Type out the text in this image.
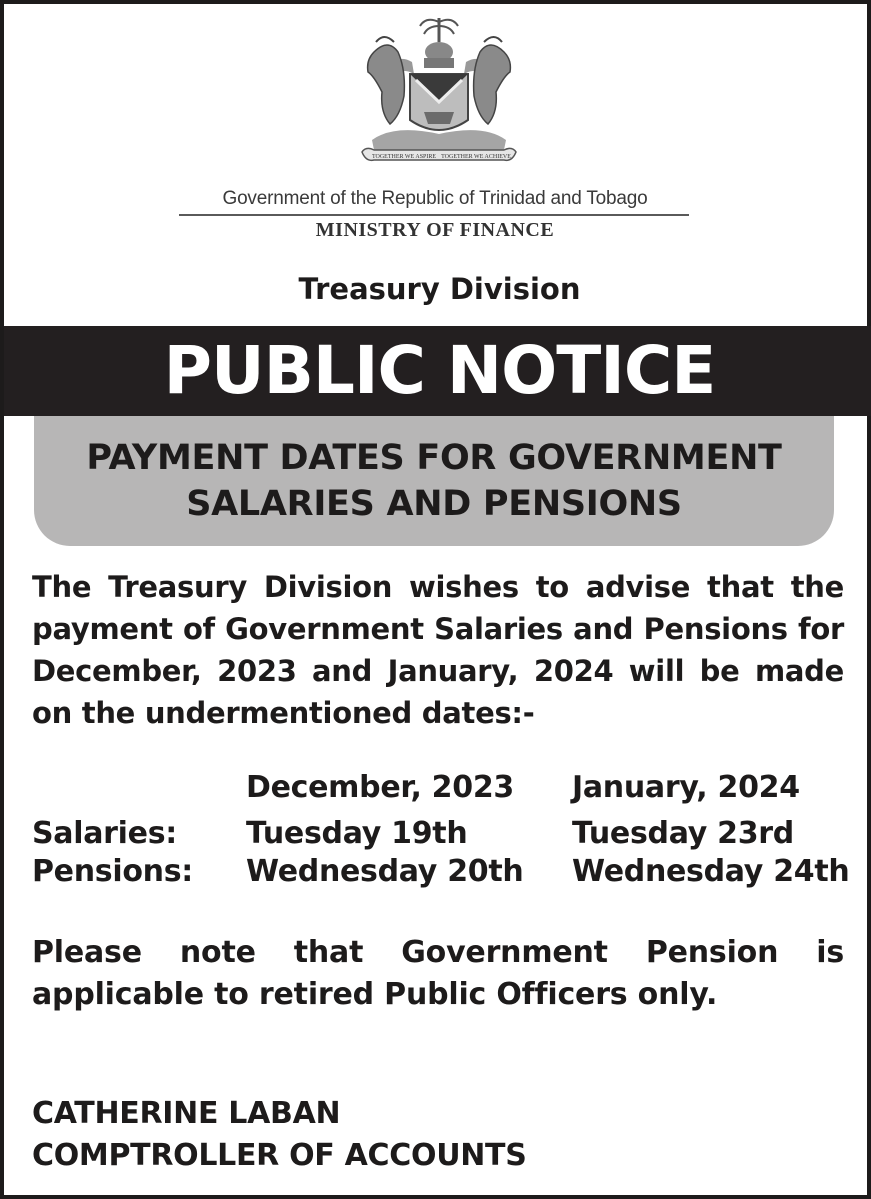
TOGETHER WE ASPIRE TOGETHER WE ACHIEVE
Government of the Republic of Trinidad and Tobago
MINISTRY OF FINANCE
Treasury Division
PUBLIC NOTICE
PAYMENT DATES FOR GOVERNMENT
SALARIES AND PENSIONS
The Treasury Division wishes to advise that the payment of Government Salaries and Pensions for December, 2023 and January, 2024 will be made on the undermentioned dates:-
December, 2023 January, 2024
Salaries: Tuesday 19th	Tuesday 23rd
Pensions: Wednesday 20th Wednesday 24th
Please note that Government Pension is applicable to retired Public Officers only.
CATHERINE LABAN
COMPTROLLER OF ACCOUNTS
